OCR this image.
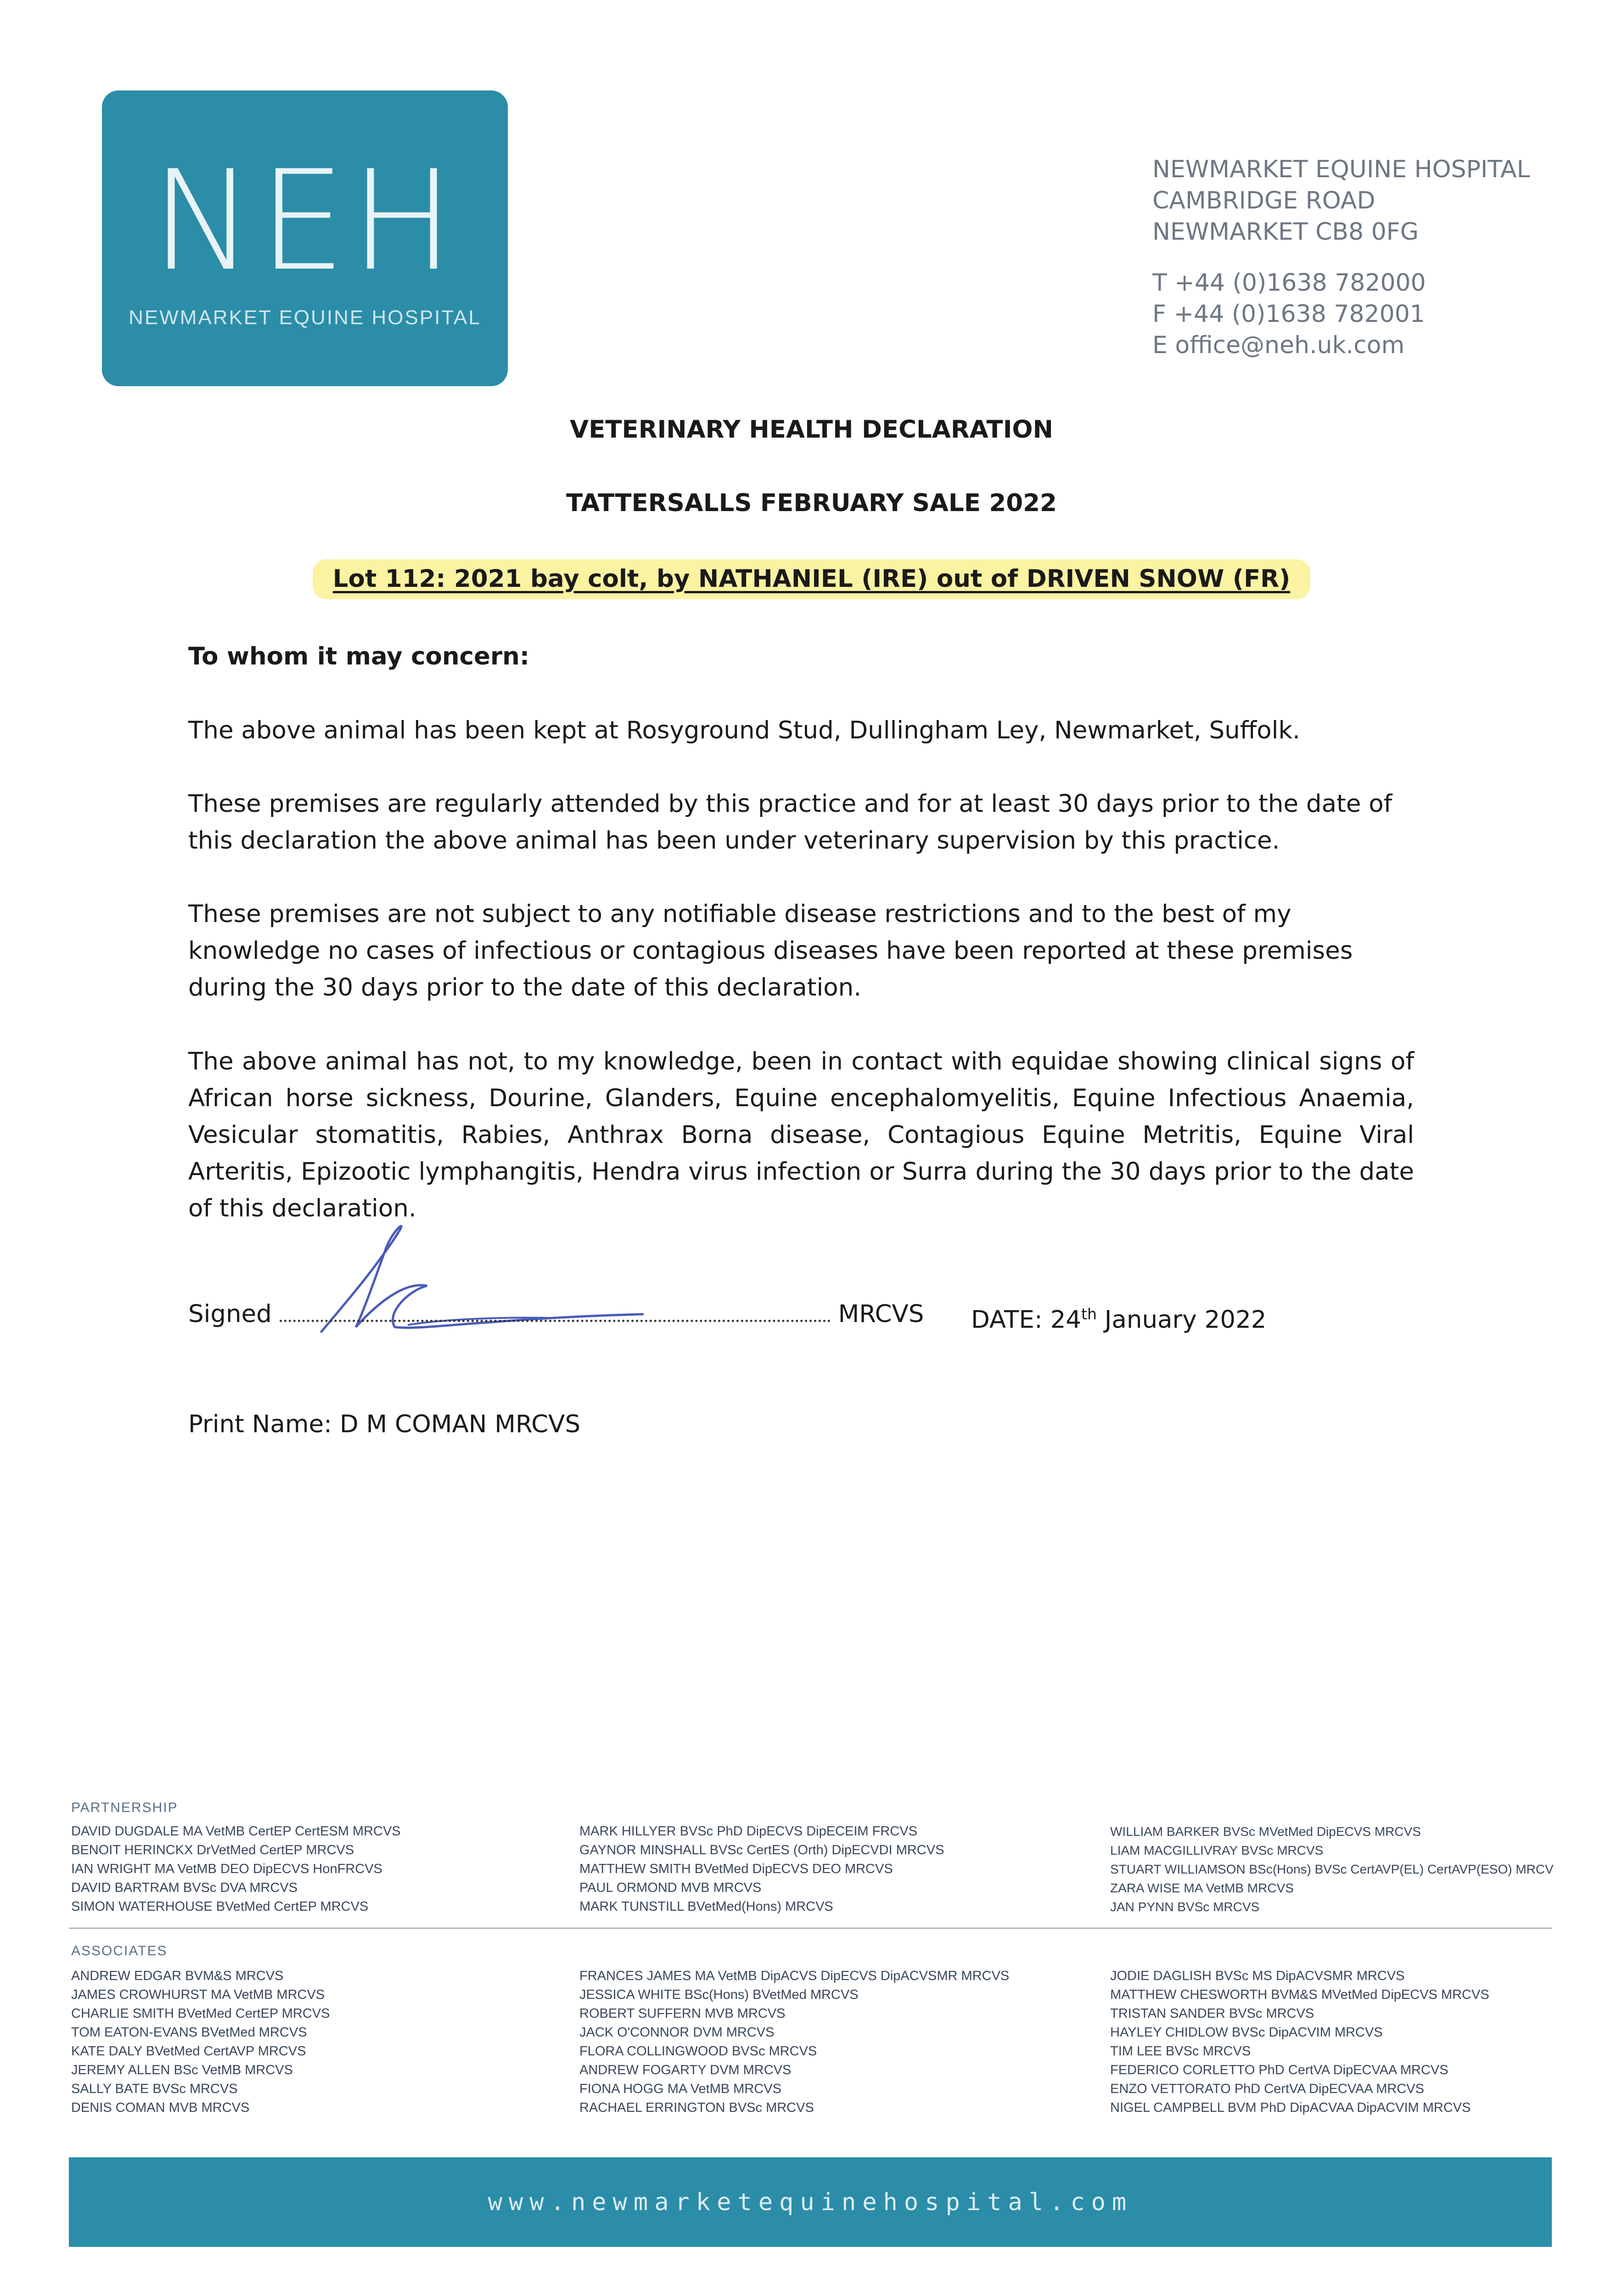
NEH
NEWMARKET EQUINE HOSPITAL
NEWMARKET EQUINE HOSPITAL
CAMBRIDGE ROAD
NEWMARKET CB8 0FG
T +44 (0)1638 782000
F +44 (0)1638 782001
E office@neh.uk.com
VETERINARY HEALTH DECLARATION
TATTERSALLS FEBRUARY SALE 2022
Lot 112: 2021 bay colt, by NATHANIEL (IRE) out of DRIVEN SNOW (FR)
To whom it may concern:
The above animal has been kept at Rosyground Stud, Dullingham Ley, Newmarket, Suffolk.
These premises are regularly attended by this practice and for at least 30 days prior to the date of this declaration the above animal has been under veterinary supervision by this practice.
These premises are not subject to any notifiable disease restrictions and to the best of my knowledge no cases of infectious or contagious diseases have been reported at these premises during the 30 days prior to the date of this declaration.
The above animal has not, to my knowledge, been in contact with equidae showing clinical signs of African horse sickness, Dourine, Glanders, Equine encephalomyelitis, Equine Infectious Anaemia, Vesicular stomatitis, Rabies, Anthrax Borna disease, Contagious Equine Metritis, Equine Viral Arteritis, Epizootic lymphangitis, Hendra virus infection or Surra during the 30 days prior to the date of this declaration.
Signed	MRCVS DATE: 24th January 2022
Print Name: D M COMAN MRCVS
PARTNERSHIP
DAVID DUGDALE MA VetMB CertEP CertESM MRCVS
BENOIT HERINCKX DrVetMed CertEP MRCVS
IAN WRIGHT MA VetMB DEO DipECVS HonFRCVS
DAVID BARTRAM BVSc DVA MRCVS
SIMON WATERHOUSE BVetMed CertEP MRCVS
MARK HILLYER BVSc PhD DipECVS DipECEIM FRCVS
GAYNOR MINSHALL BVSc CertES (Orth) DipECVDI MRCVS
MATTHEW SMITH BVetMed DipECVS DEO MRCVS
PAUL ORMOND MVB MRCVS
MARK TUNSTILL BVetMed(Hons) MRCVS
WILLIAM BARKER BVSc MVetMed DipECVS MRCVS
LIAM MACGILLIVRAY BVSc MRCVS
STUART WILLIAMSON BSc(Hons) BVSc CertAVP(EL) CertAVP(ESO) MRCV
ZARA WISE MA VetMB MRCVS
JAN PYNN BVSc MRCVS
ASSOCIATES
ANDREW EDGAR BVM&S MRCVS
JAMES CROWHURST MA VetMB MRCVS
CHARLIE SMITH BVetMed CertEP MRCVS
TOM EATON-EVANS BVetMed MRCVS
KATE DALY BVetMed CertAVP MRCVS
JEREMY ALLEN BSc VetMB MRCVS
SALLY BATE BVSc MRCVS
DENIS COMAN MVB MRCVS
FRANCES JAMES MA VetMB DipACVS DipECVS DipACVSMR MRCVS
JESSICA WHITE BSc(Hons) BVetMed MRCVS
ROBERT SUFFERN MVB MRCVS
JACK O'CONNOR DVM MRCVS
FLORA COLLINGWOOD BVSc MRCVS
ANDREW FOGARTY DVM MRCVS
FIONA HOGG MA VetMB MRCVS
RACHAEL ERRINGTON BVSc MRCVS
JODIE DAGLISH BVSc MS DipACVSMR MRCVS
MATTHEW CHESWORTH BVM&S MVetMed DipECVS MRCVS
TRISTAN SANDER BVSc MRCVS
HAYLEY CHIDLOW BVSc DipACVIM MRCVS
TIM LEE BVSc MRCVS
FEDERICO CORLETTO PhD CertVA DipECVAA MRCVS
ENZO VETTORATO PhD CertVA DipECVAA MRCVS
NIGEL CAMPBELL BVM PhD DipACVAA DipACVIM MRCVS
www.newmarketequinehospital.com
